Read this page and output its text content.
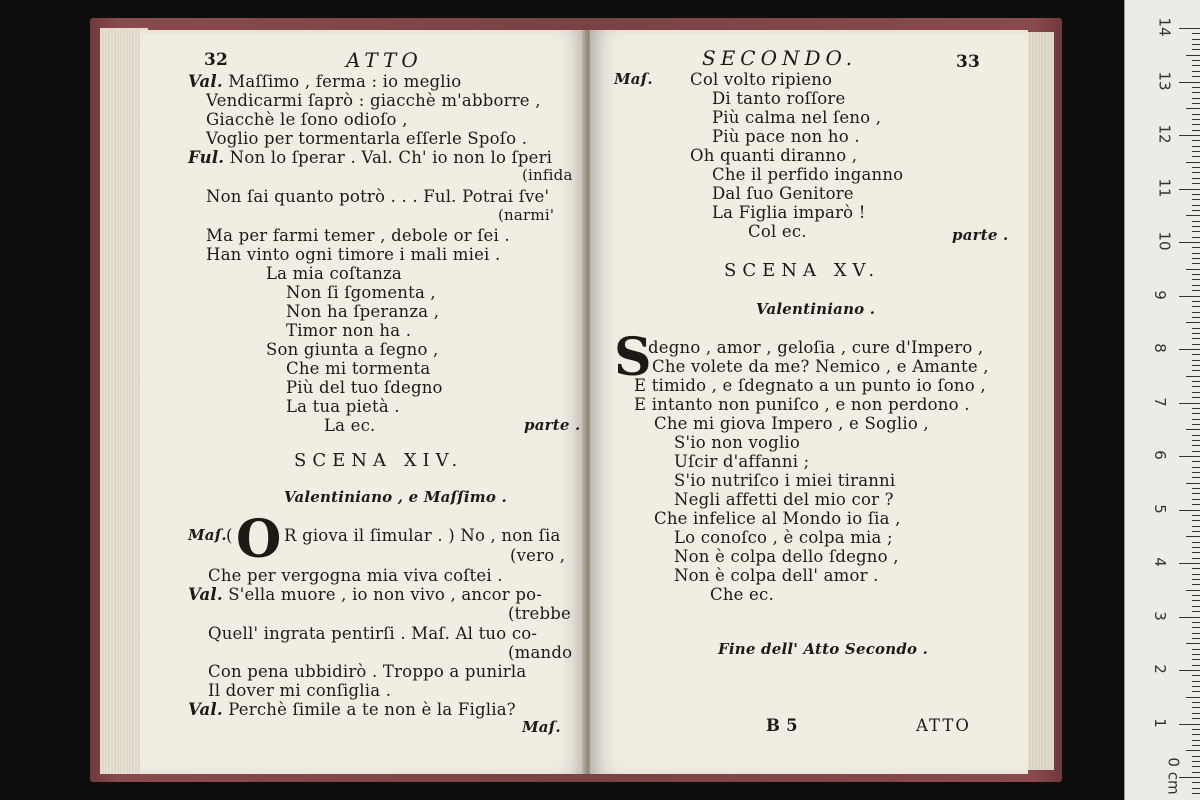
32	ATTO
Val. Maſſimo , ferma : io meglio
Vendicarmi ſaprò : giacchè m'abborre ,
Giacchè le ſono odioſo ,
Voglio per tormentarla eſſerle Spoſo .
Ful. Non lo ſperar . Val. Ch' io non lo ſperi
(infida
Non ſai quanto potrò . . . Ful. Potrai ſve'
(narmi'
Ma per farmi temer , debole or ſei .
Han vinto ogni timore i mali miei .
La mia coſtanza
Non ſi ſgomenta ,
Non ha ſperanza ,
Timor non ha .
Son giunta a ſegno ,
Che mi tormenta
Più del tuo ſdegno
La tua pietà .
La ec.	parte .
SCENA XIV.
Valentiniano , e Maſſimo .
Maſ. ( O R giova il ſimular . ) No , non ſia
(vero ,
Che per vergogna mia viva coſtei .
Val. S'ella muore , io non vivo , ancor po-
(trebbe
Quell' ingrata pentirſi . Maſ. Al tuo co-
(mando
Con pena ubbidirò . Troppo a punirla
Il dover mi conſiglia .
Val. Perchè ſimile a te non è la Figlia?
Maſ.
SECONDO.	33
Maſ. Col volto ripieno
Di tanto roſſore
Più calma nel ſeno ,
Più pace non ho .
Oh quanti diranno ,
Che il perfido inganno
Dal ſuo Genitore
La Figlia imparò !
Col ec.	parte .
SCENA XV.
Valentiniano .
S
degno , amor , geloſia , cure d'Impero ,
Che volete da me? Nemico , e Amante ,
E timido , e ſdegnato a un punto io ſono ,
E intanto non puniſco , e non perdono .
Che mi giova Impero , e Soglio ,
S'io non voglio
Uſcir d'affanni ;
S'io nutriſco i miei tiranni
Negli affetti del mio cor ?
Che infelice al Mondo io ſia ,
Lo conoſco , è colpa mia ;
Non è colpa dello ſdegno ,
Non è colpa dell' amor .
Che ec.
Fine dell' Atto Secondo .
B 5	ATTO
14
13
12
11
10
9
8
7
6
5
4
3
2
1
0 cm
